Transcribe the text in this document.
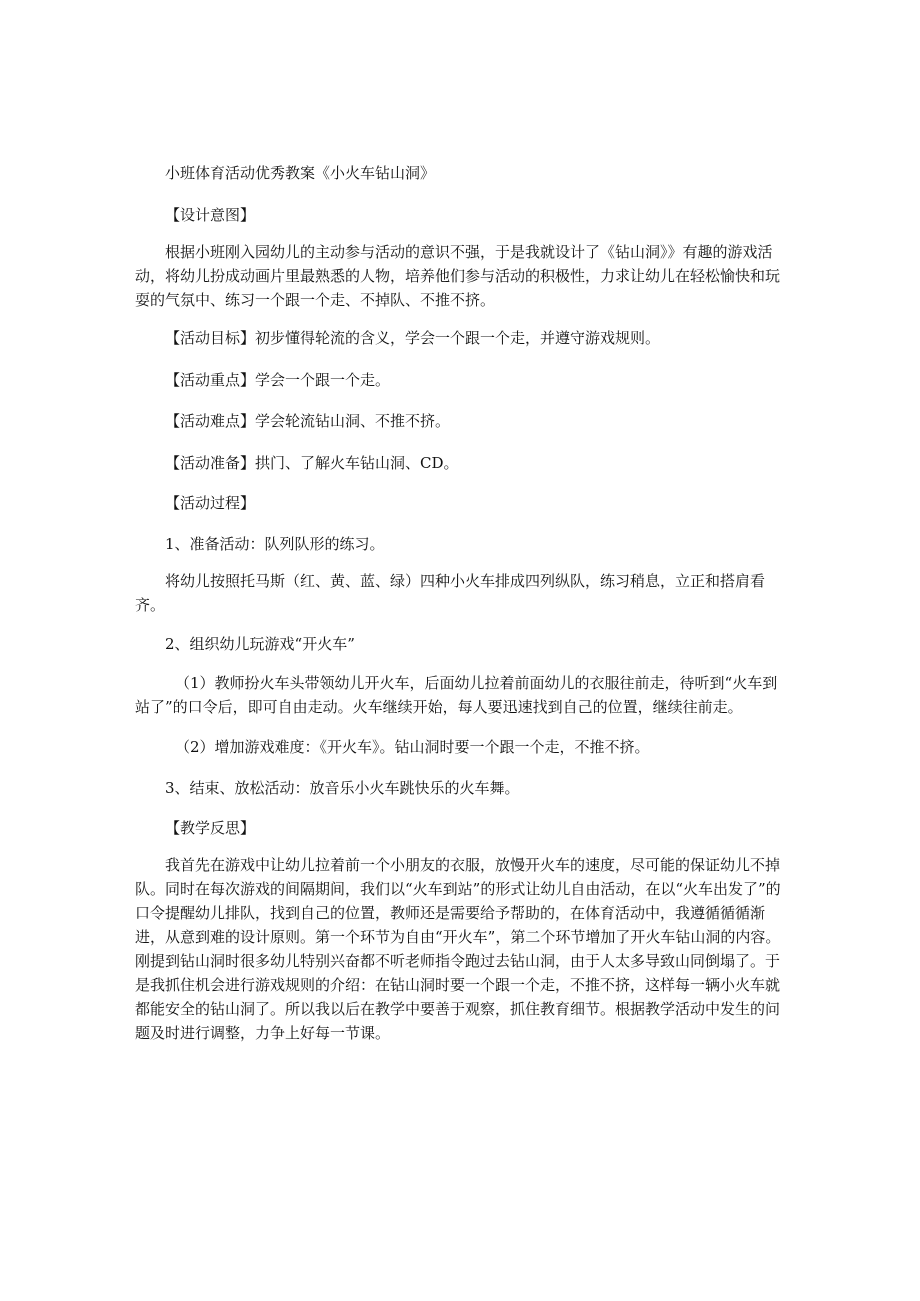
小班体育活动优秀教案《小火车钻山洞》

【设计意图】

根据小班刚入园幼儿的主动参与活动的意识不强，于是我就设计了《钻山洞》》有趣的游戏活动，将幼儿扮成动画片里最熟悉的人物，培养他们参与活动的积极性，力求让幼儿在轻松愉快和玩耍的气氛中、练习一个跟一个走、不掉队、不推不挤。

【活动目标】初步懂得轮流的含义，学会一个跟一个走，并遵守游戏规则。

【活动重点】学会一个跟一个走。

【活动难点】学会轮流钻山洞、不推不挤。

【活动准备】拱门、了解火车钻山洞、CD。

【活动过程】

1、准备活动：队列队形的练习。

将幼儿按照托马斯（红、黄、蓝、绿）四种小火车排成四列纵队，练习稍息，立正和搭肩看齐。

2、组织幼儿玩游戏“开火车”

（1）教师扮火车头带领幼儿开火车，后面幼儿拉着前面幼儿的衣服往前走，待听到“火车到站了”的口令后，即可自由走动。火车继续开始，每人要迅速找到自己的位置，继续往前走。

（2）增加游戏难度：《开火车》。钻山洞时要一个跟一个走，不推不挤。

3、结束、放松活动：放音乐小火车跳快乐的火车舞。

【教学反思】

我首先在游戏中让幼儿拉着前一个小朋友的衣服，放慢开火车的速度，尽可能的保证幼儿不掉队。同时在每次游戏的间隔期间，我们以“火车到站”的形式让幼儿自由活动，在以“火车出发了”的口令提醒幼儿排队，找到自己的位置，教师还是需要给予帮助的，在体育活动中，我遵循循循渐进，从意到难的设计原则。第一个环节为自由“开火车”，第二个环节增加了开火车钻山洞的内容。刚提到钻山洞时很多幼儿特别兴奋都不听老师指令跑过去钻山洞，由于人太多导致山同倒塌了。于是我抓住机会进行游戏规则的介绍：在钻山洞时要一个跟一个走，不推不挤，这样每一辆小火车就都能安全的钻山洞了。所以我以后在教学中要善于观察，抓住教育细节。根据教学活动中发生的问题及时进行调整，力争上好每一节课。
